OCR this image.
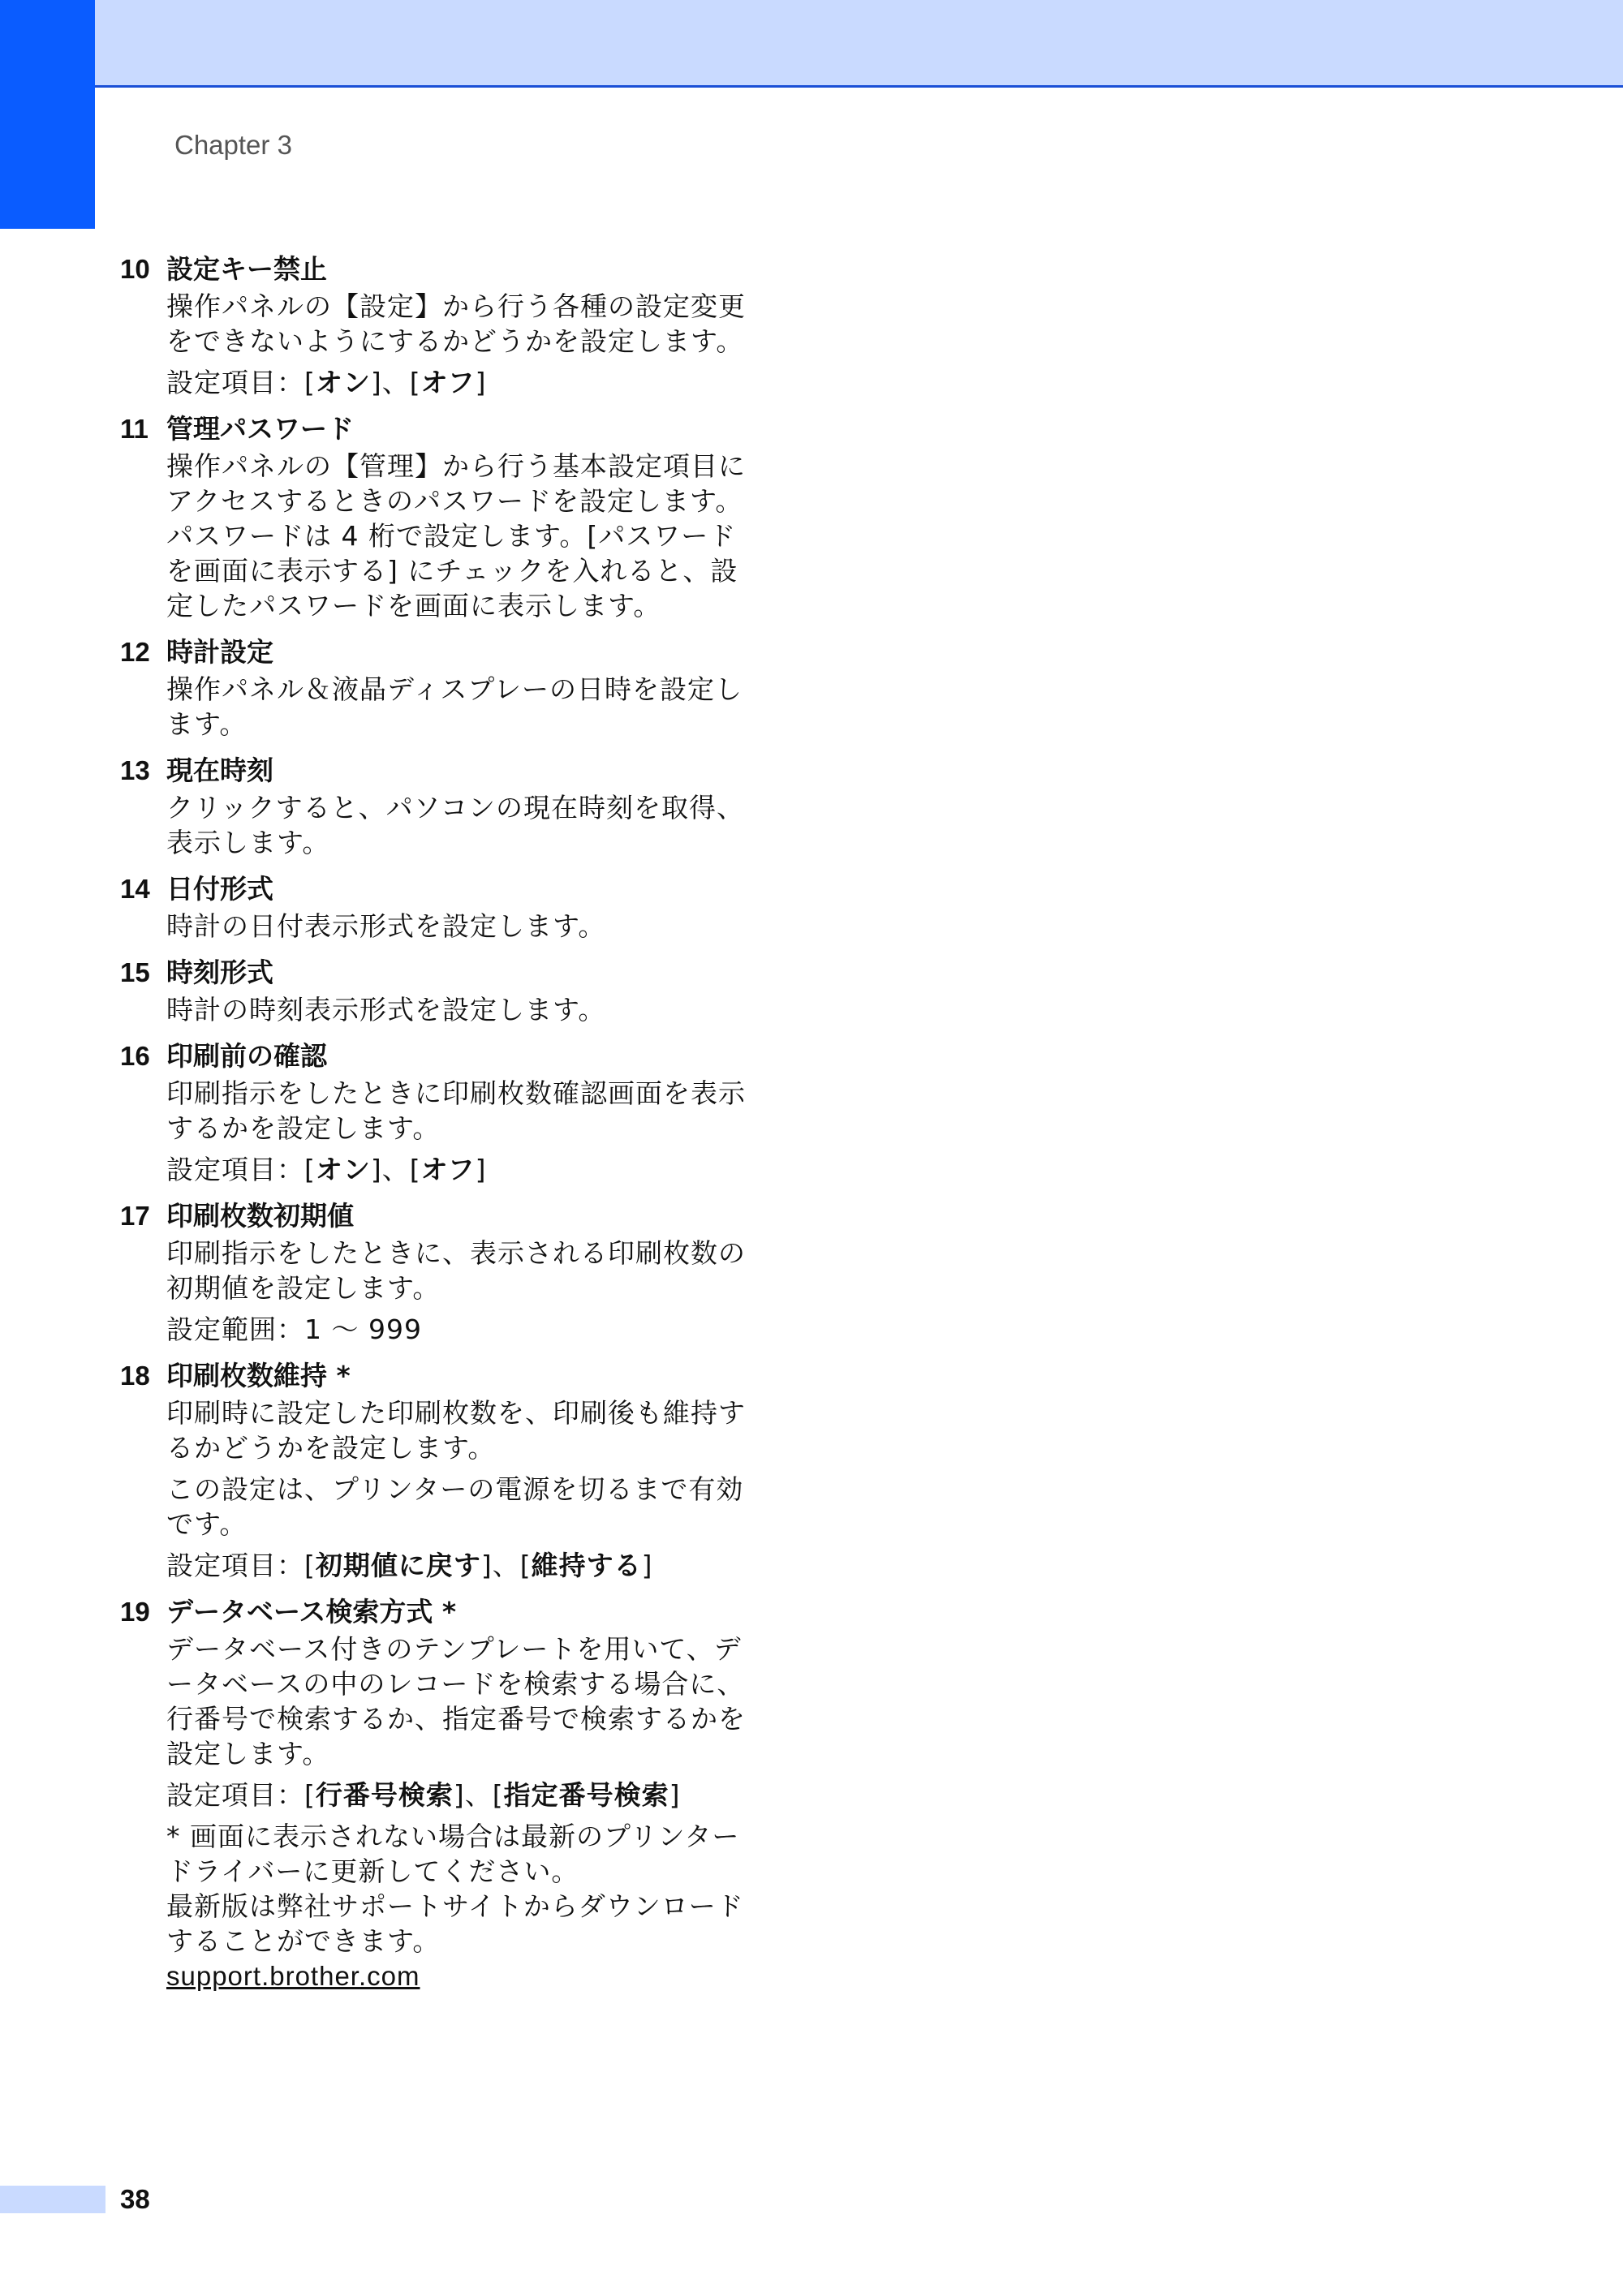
Chapter 3
10 設定キー禁止

操作パネルの【設定】から行う各種の設定変更をできないようにするかどうかを設定します。

設定項目：[ オン ]、[ オフ ]

11 管理パスワード

操作パネルの【管理】から行う基本設定項目にアクセスするときのパスワードを設定します。パスワードは 4 桁で設定します。[パスワードを画面に表示する] にチェックを入れると、設定したパスワードを画面に表示します。

12 時計設定

操作パネル＆液晶ディスプレーの日時を設定します。

13 現在時刻

クリックすると、パソコンの現在時刻を取得、表示します。

14 日付形式

時計の日付表示形式を設定します。

15 時刻形式

時計の時刻表示形式を設定します。

16 印刷前の確認

印刷指示をしたときに印刷枚数確認画面を表示するかを設定します。

設定項目：[ オン ]、[ オフ ]

17 印刷枚数初期値

印刷指示をしたときに、表示される印刷枚数の初期値を設定します。

設定範囲：1 〜 999

18 印刷枚数維持 *

印刷時に設定した印刷枚数を、印刷後も維持するかどうかを設定します。

この設定は、プリンターの電源を切るまで有効です。

設定項目：[ 初期値に戻す ]、[ 維持する ]

19 データベース検索方式 *

データベース付きのテンプレートを用いて、データベースの中のレコードを検索する場合に、行番号で検索するか、指定番号で検索するかを設定します。

設定項目：[ 行番号検索 ]、[ 指定番号検索 ]

* 画面に表示されない場合は最新のプリンタードライバーに更新してください。

最新版は弊社サポートサイトからダウンロードすることができます。

support.brother.com

38
